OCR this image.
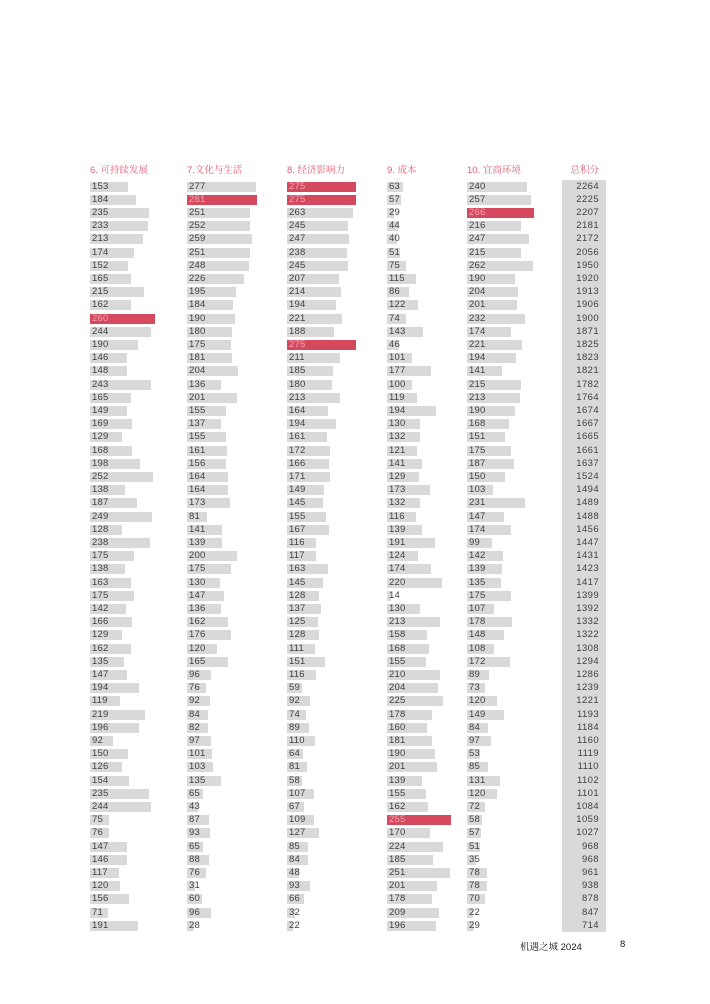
6. 可持续发展
153
184
235
233
213
174
152
165
215
162
260
244
190
146
148
243
165
149
169
129
168
198
252
138
187
249
128
238
175
138
163
175
142
166
129
162
135
147
194
119
219
196
92
150
126
154
235
244
75
76
147
146
117
120
156
71
191
7.文化与生活
277
281
251
252
259
251
248
226
195
184
190
180
175
181
204
136
201
155
137
155
161
156
164
164
173
81
141
139
200
175
130
147
136
162
176
120
165
96
76
92
84
82
97
101
103
135
65
43
87
93
65
88
76
31
60
96
28
8. 经济影响力
275
275
263
245
247
238
245
207
214
194
221
188
275
211
185
180
213
164
194
161
172
166
171
149
145
155
167
116
117
163
145
128
137
125
128
111
151
116
59
92
74
89
110
64
81
58
107
67
109
127
85
84
48
93
66
32
22
9. 成本
63
57
29
44
40
51
75
115
86
122
74
143
46
101
177
100
119
194
130
132
121
141
129
173
132
116
139
191
124
174
220
14
130
213
158
168
155
210
204
225
178
160
181
190
201
139
155
162
255
170
224
185
251
201
178
209
196
10. 宜商环境
240
257
266
216
247
215
262
190
204
201
232
174
221
194
141
215
213
190
168
151
175
187
150
103
231
147
174
99
142
139
135
175
107
178
148
108
172
89
73
120
149
84
97
53
85
131
120
72
58
57
51
35
78
78
70
22
29
总积分
2264
2225
2207
2181
2172
2056
1950
1920
1913
1906
1900
1871
1825
1823
1821
1782
1764
1674
1667
1665
1661
1637
1524
1494
1489
1488
1456
1447
1431
1423
1417
1399
1392
1332
1322
1308
1294
1286
1239
1221
1193
1184
1160
1119
1110
1102
1101
1084
1059
1027
968
968
961
938
878
847
714
机遇之城 2024	8
